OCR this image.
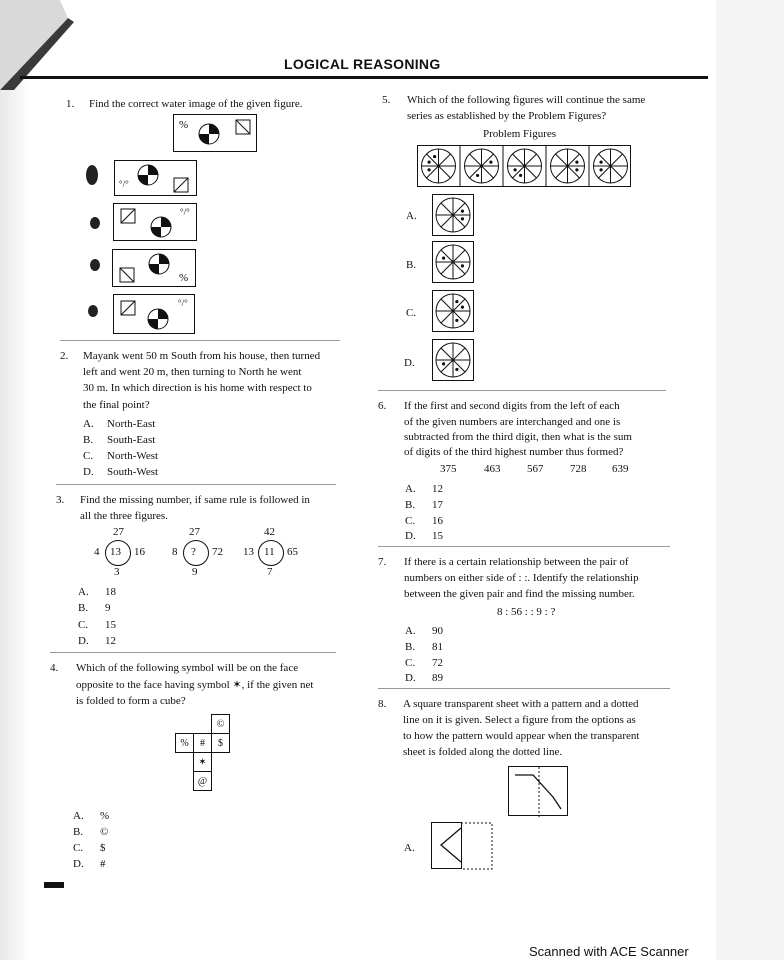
LOGICAL REASONING
1. Find the correct water image of the given figure.
%
°/°
°/°
%
°/°
2. Mayank went 50 m South from his house, then turned
left and went 20 m, then turning to North he went
30 m. In which direction is his home with respect to
the final point?
A. North-East
B. South-East
C. North-West
D. South-West
3. Find the missing number, if same rule is followed in
all the three figures.
27
4 13 16
3
27
8 ? 72
9
42
13 11 65
7
A. 18
B. 9
C. 15
D. 12
4. Which of the following symbol will be on the face
opposite to the face having symbol ✶, if the given net
is folded to form a cube?
		©
%	#	$
	✶	
	@	
A. %
B. ©
C. $
D. #
5. Which of the following figures will continue the same
series as established by the Problem Figures?
Problem Figures
A.
B.
C.
D.
6. If the first and second digits from the left of each
of the given numbers are interchanged and one is
subtracted from the third digit, then what is the sum
of digits of the third highest number thus formed?
375	463 567 728 639
A. 12
B. 17
C. 16
D. 15
7. If there is a certain relationship between the pair of
numbers on either side of : :. Identify the relationship
between the given pair and find the missing number.
8 : 56 : : 9 : ?
A. 90
B. 81
C. 72
D. 89
8. A square transparent sheet with a pattern and a dotted
line on it is given. Select a figure from the options as
to how the pattern would appear when the transparent
sheet is folded along the dotted line.
A.
Scanned with ACE Scanner
